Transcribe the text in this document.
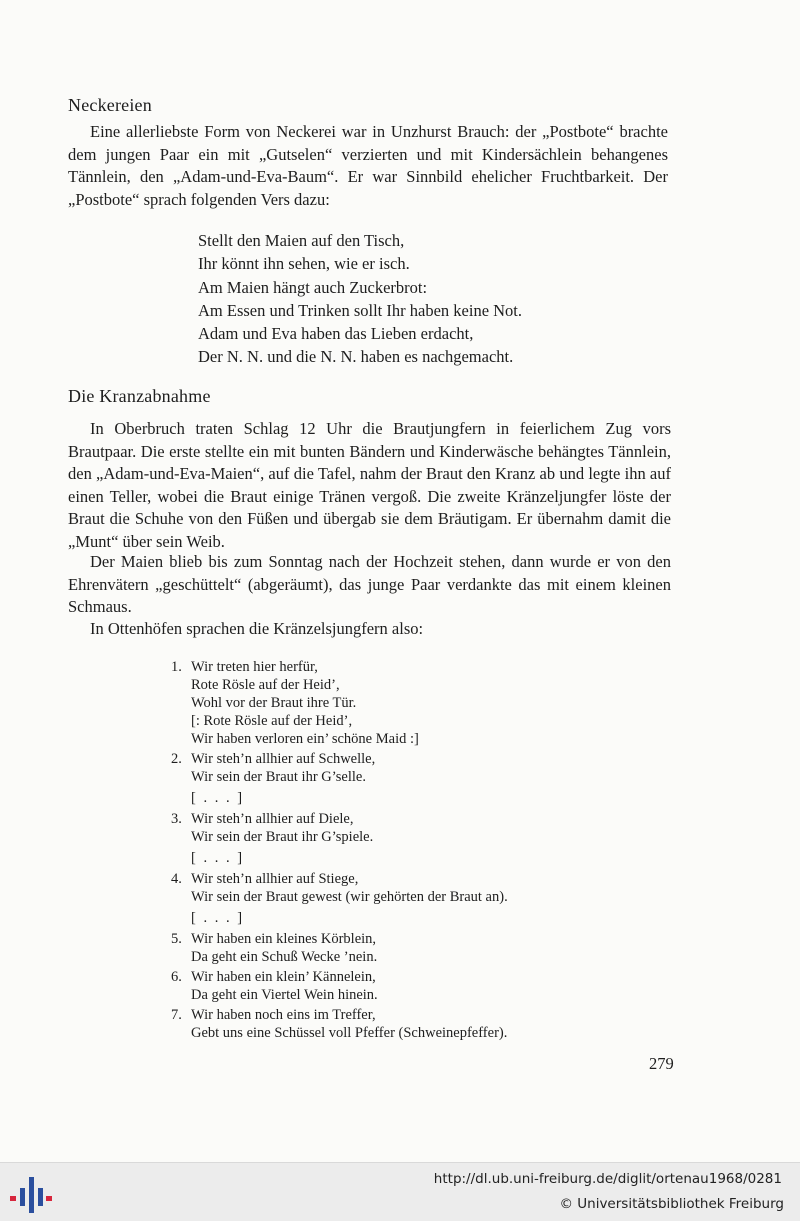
Neckereien

Eine allerliebste Form von Neckerei war in Unzhurst Brauch: der „Postbote“ brachte dem jungen Paar ein mit „Gutselen“ verzierten und mit Kindersächlein behangenes Tännlein, den „Adam-und-Eva-Baum“. Er war Sinnbild ehelicher Fruchtbarkeit. Der „Postbote“ sprach folgenden Vers dazu:

Stellt den Maien auf den Tisch,
Ihr könnt ihn sehen, wie er isch.
Am Maien hängt auch Zuckerbrot:
Am Essen und Trinken sollt Ihr haben keine Not.
Adam und Eva haben das Lieben erdacht,
Der N. N. und die N. N. haben es nachgemacht.
Die Kranzabnahme

In Oberbruch traten Schlag 12 Uhr die Brautjungfern in feierlichem Zug vors Brautpaar. Die erste stellte ein mit bunten Bändern und Kinderwäsche behängtes Tännlein, den „Adam-und-Eva-Maien“, auf die Tafel, nahm der Braut den Kranz ab und legte ihn auf einen Teller, wobei die Braut einige Tränen vergoß. Die zweite Kränzeljungfer löste der Braut die Schuhe von den Füßen und übergab sie dem Bräutigam. Er übernahm damit die „Munt“ über sein Weib.

Der Maien blieb bis zum Sonntag nach der Hochzeit stehen, dann wurde er von den Ehrenvätern „geschüttelt“ (abgeräumt), das junge Paar verdankte das mit einem kleinen Schmaus.

In Ottenhöfen sprachen die Kränzelsjungfern also:

1. Wir treten hier herfür,
Rote Rösle auf der Heid’,
Wohl vor der Braut ihre Tür.
[: Rote Rösle auf der Heid’,
Wir haben verloren ein’ schöne Maid :]
2. Wir steh’n allhier auf Schwelle,
Wir sein der Braut ihr G’selle.
[ . . . ]
3. Wir steh’n allhier auf Diele,
Wir sein der Braut ihr G’spiele.
[ . . . ]
4. Wir steh’n allhier auf Stiege,
Wir sein der Braut gewest (wir gehörten der Braut an).
[ . . . ]
5. Wir haben ein kleines Körblein,
Da geht ein Schuß Wecke ’nein.
6. Wir haben ein klein’ Kännelein,
Da geht ein Viertel Wein hinein.
7. Wir haben noch eins im Treffer,
Gebt uns eine Schüssel voll Pfeffer (Schweinepfeffer).
279
http://dl.ub.uni-freiburg.de/diglit/ortenau1968/0281
© Universitätsbibliothek Freiburg
